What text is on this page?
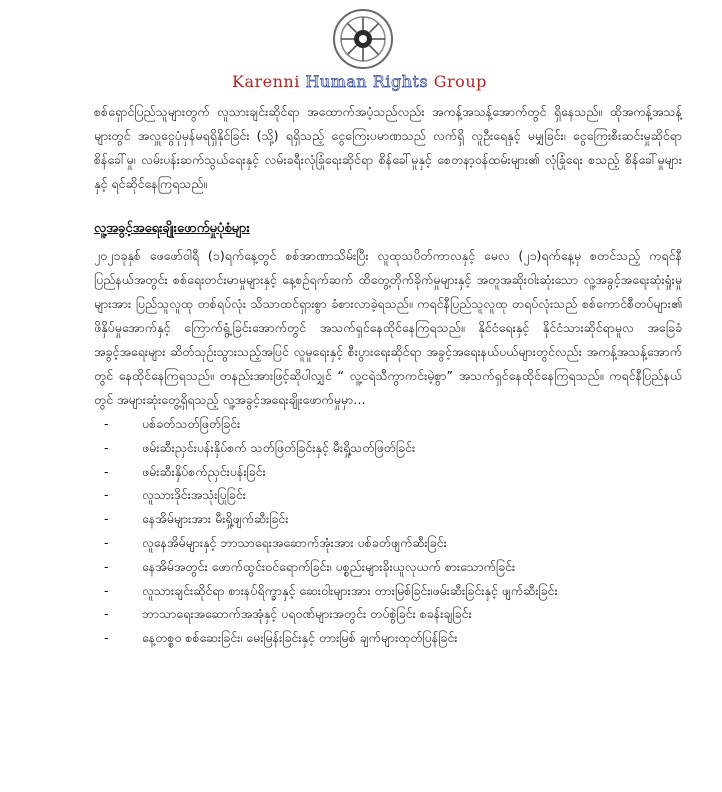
Karenni Human Rights Group

စစ်ရှောင်ပြည်သူများတွက် လူသားချင်းဆိုင်ရာ အထောက်အပံ့သည်လည်း အကန့်အသန့်အောက်တွင် ရှိနေသည်။ ထိုအကန့်အသန့်များတွင် အလှူငွေပုံမှန်မရရှိနိုင်ခြင်း (သို့) ရရှိသည့် ငွေကြေးပမာဏသည် လက်ရှိ လူဦးရေနှင့် မမျှခြင်း၊ ငွေကြေးစီးဆင်းမှုဆိုင်ရာ စိန်ခေါ်မှု၊ လမ်းပန်းဆက်သွယ်ရေးနှင့် လမ်းခရီးလုံခြုံရေးဆိုင်ရာ စိန်ခေါ်မှုနှင့် စေတနာ့ဝန်ထမ်းများ၏ လုံခြုံရေး စသည့် စိန်ခေါ်မှုများနှင့် ရင်ဆိုင်နေကြရသည်။

လူ့အခွင့်အရေးချိုးဖောက်မှုပုံစံများ

၂၀၂၁ခုနှစ် ဖေဖော်ဝါရီ (၁)ရက်နေ့တွင် စစ်အာဏာသိမ်းပြီး လူထုသပိတ်ကာလနှင့် မေလ (၂၁)ရက်နေ့မှ စတင်သည့် ကရင်နီပြည်နယ်အတွင်း စစ်ရေးတင်းမာမှုများနှင့် နေ့စဉ်ရက်ဆက် ထိတွေ့တိုက်ခိုက်မှုများနှင့် အတူအဆိုးဝါးဆုံးသော လူ့အခွင့်အရေးဆုံးရှုံးမှုများအား ပြည်သူလူထု တစ်ရပ်လုံး သိသာထင်ရှားစွာ ခံစားလာခဲ့ရသည်။ ကရင်နီပြည်သူလူထု တရပ်လုံးသည် စစ်ကောင်စီတပ်များ၏ ဖိနှိပ်မှုအောက်နှင့် ကြောက်ရွံ့ခြင်းအောက်တွင် အသက်ရှင်နေထိုင်နေကြရသည်။ နိုင်ငံရေးနှင့် နိုင်ငံသားဆိုင်ရာမူလ အခြေခံအခွင့်အရေးများ ဆိတ်သုဉ်းသွားသည့်အပြင် လူမှုရေးနှင့် စီးပွားရေးဆိုင်ရာ အခွင့်အရေးနယ်ပယ်များတွင်လည်း အကန့်အသန့်အောက်တွင် နေထိုင်နေကြရသည်။ တနည်းအားဖြင့်ဆိုပါလျှင် “ လူ့ငရဲသီကွာကင်းမဲ့စွာ” အသက်ရှင်နေထိုင်နေကြရသည်။ ကရင်နီပြည်နယ်တွင် အများဆုံးတွေ့ရှိရသည့် လူ့အခွင့်အရေးချိုးဖောက်မှုမှာ…

-	ပစ်ခတ်သတ်ဖြတ်ခြင်း
-	ဖမ်းဆီးညှင်းပန်းနှိပ်စက် သတ်ဖြတ်ခြင်းနှင့် မီးရှို့သတ်ဖြတ်ခြင်း
-	ဖမ်းဆီးနှိပ်စက်ညှင်းပန်းခြင်း
-	လူသားဒိုင်းအသုံးပြုခြင်း
-	နေအိမ်များအား မီးရှို့ဖျက်ဆီးခြင်း
-	လူနေအိမ်များနှင့် ဘာသာရေးအဆောက်အုံးအား ပစ်ခတ်ဖျက်ဆီးခြင်း
-	နေအိမ်အတွင်း ဖောက်ထွင်းဝင်ရောက်ခြင်း၊ ပစ္စည်းများခိုးယူလုယက် စားသောက်ခြင်း
-	လူသားချင်းဆိုင်ရာ စားနပ်ရိက္ခာနှင့် ဆေးဝါးများအား တားမြစ်ခြင်း၊ဖမ်းဆီးခြင်းနှင့် ဖျက်ဆီးခြင်း
-	ဘာသာရေးအဆောက်အအုံနှင့် ပရဝဏ်များအတွင်း တပ်စွဲခြင်း စခန်းချခြင်း
-	နေ့တစ္စဝ စစ်ဆေးခြင်း၊ မေးမြန်းခြင်းနှင့် တားမြစ် ချက်များထုတ်ပြန်ခြင်း
